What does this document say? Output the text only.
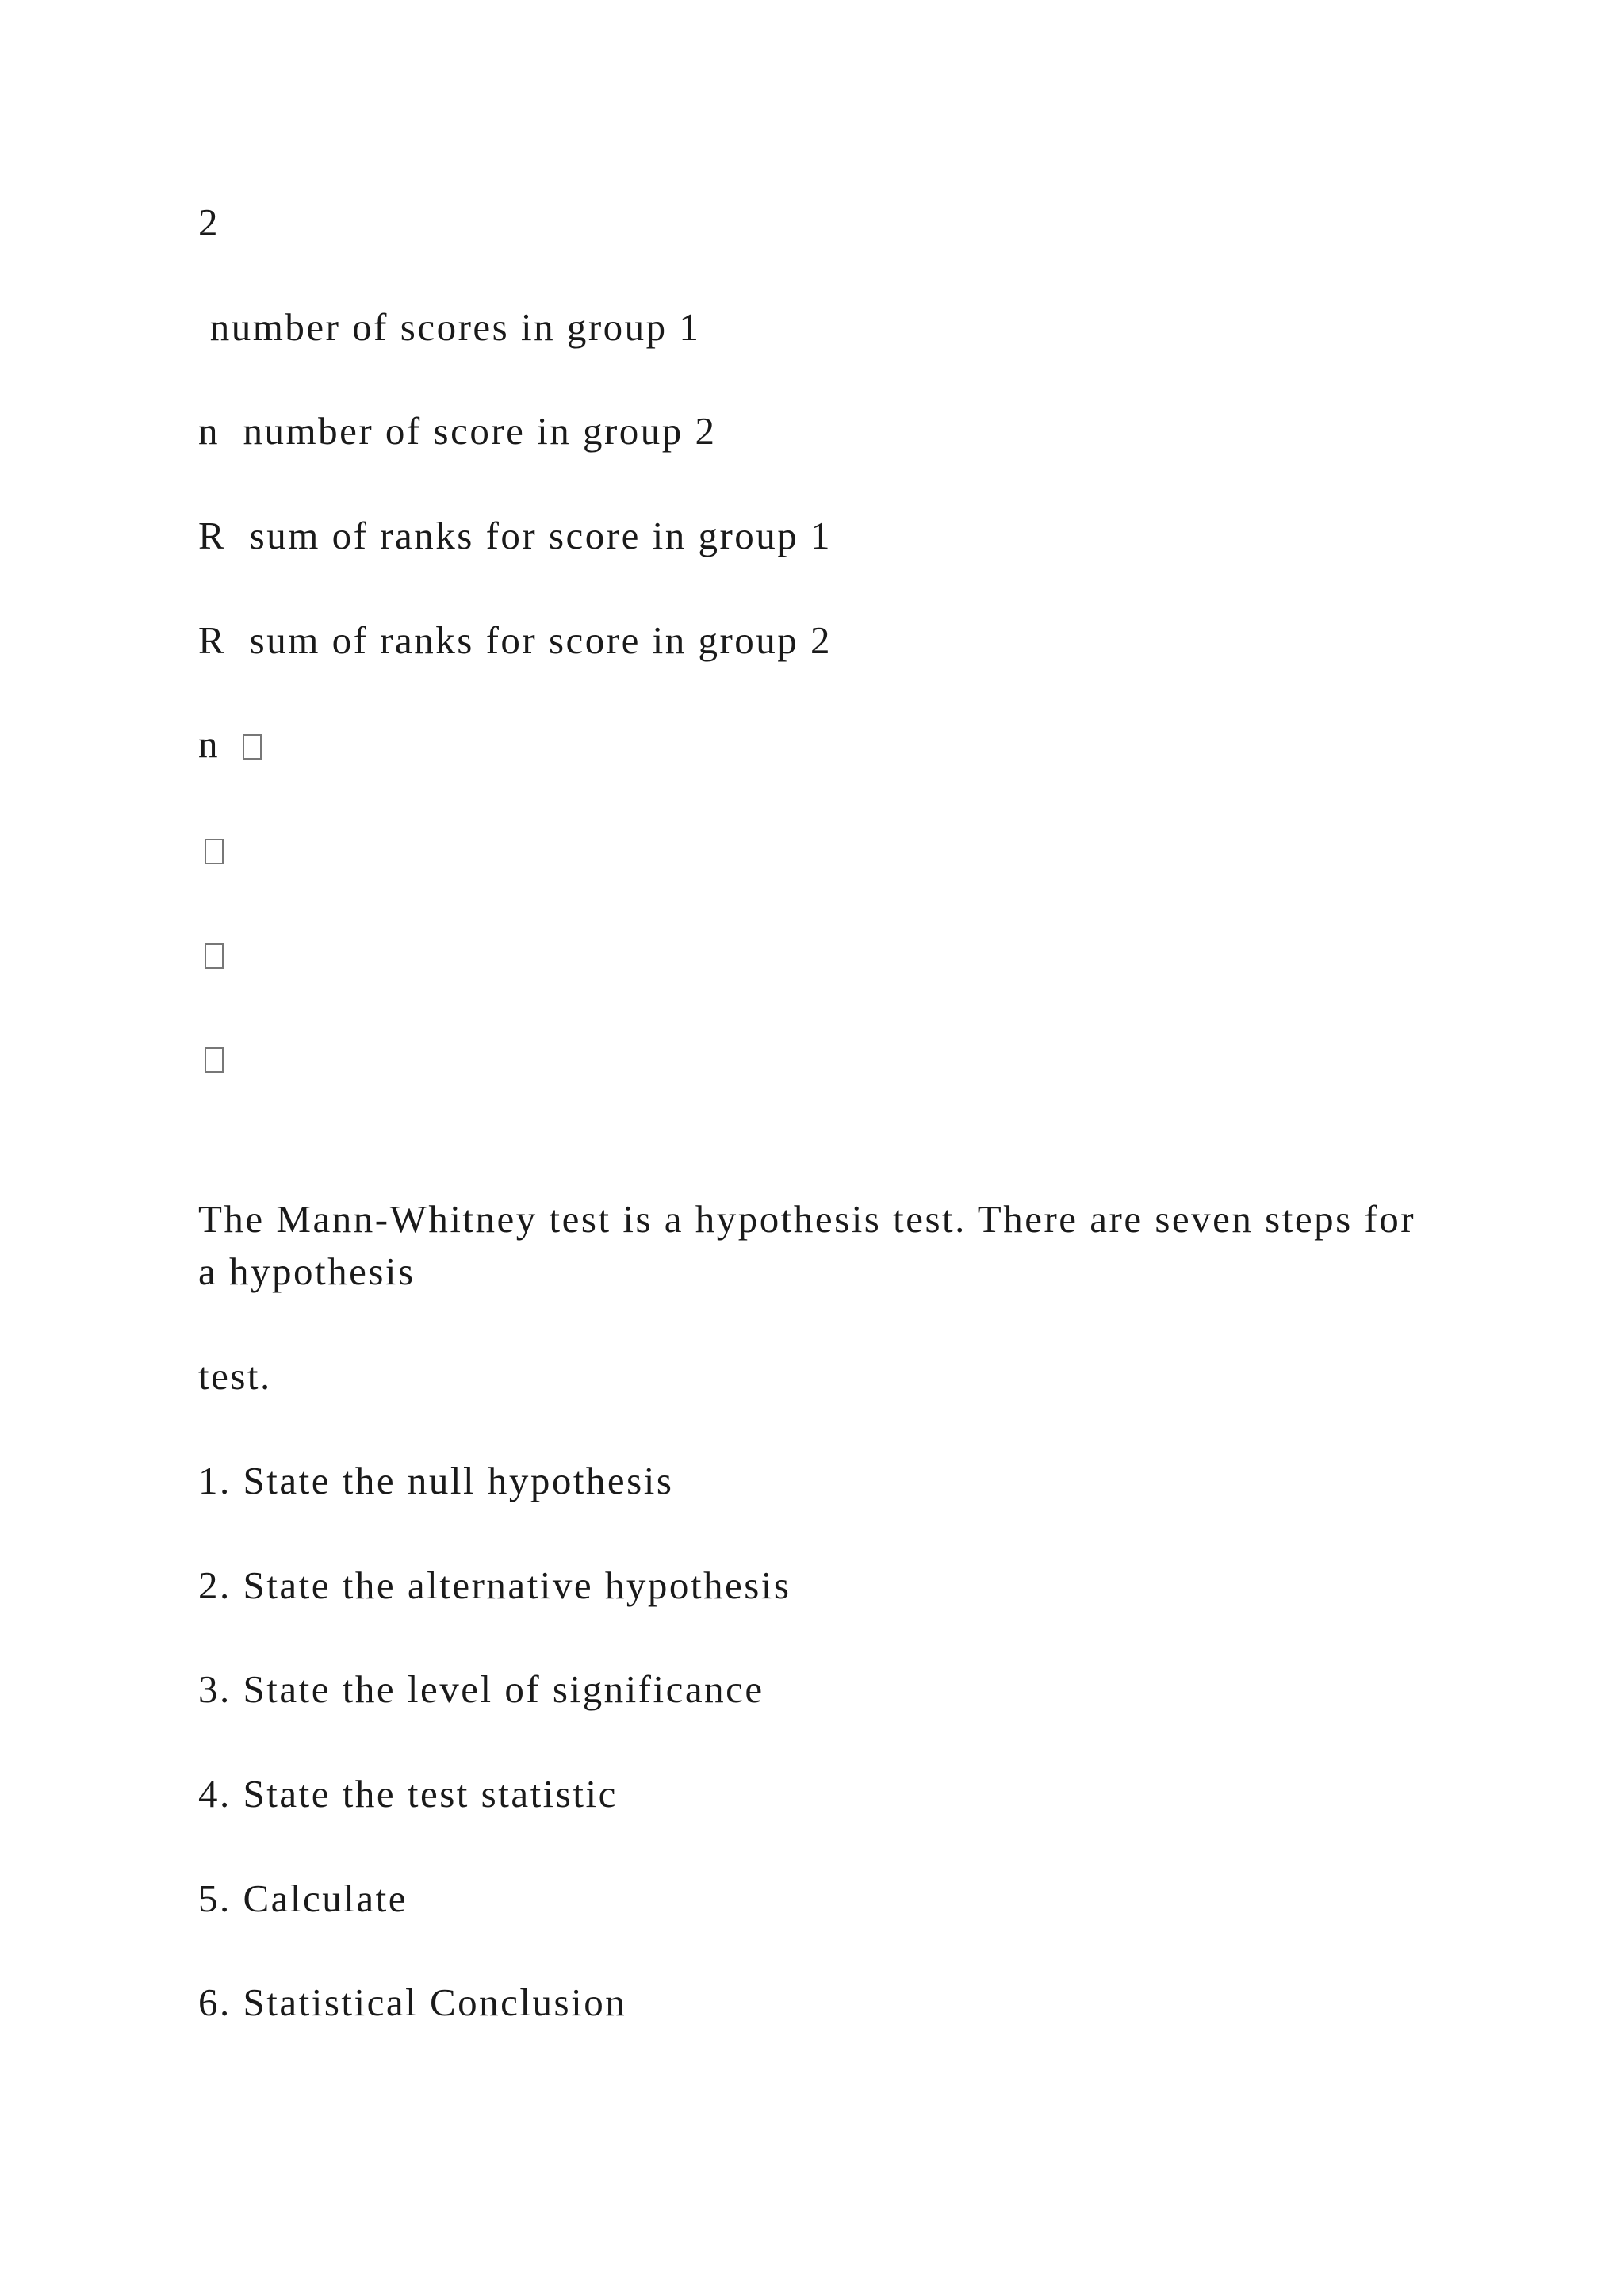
2

number of scores in group 1

n  number of score in group 2

R  sum of ranks for score in group 1

R  sum of ranks for score in group 2

n

The Mann-Whitney test is a hypothesis test. There are seven steps for a hypothesis

test.

1. State the null hypothesis

2. State the alternative hypothesis

3. State the level of significance

4. State the test statistic

5. Calculate

6. Statistical Conclusion
